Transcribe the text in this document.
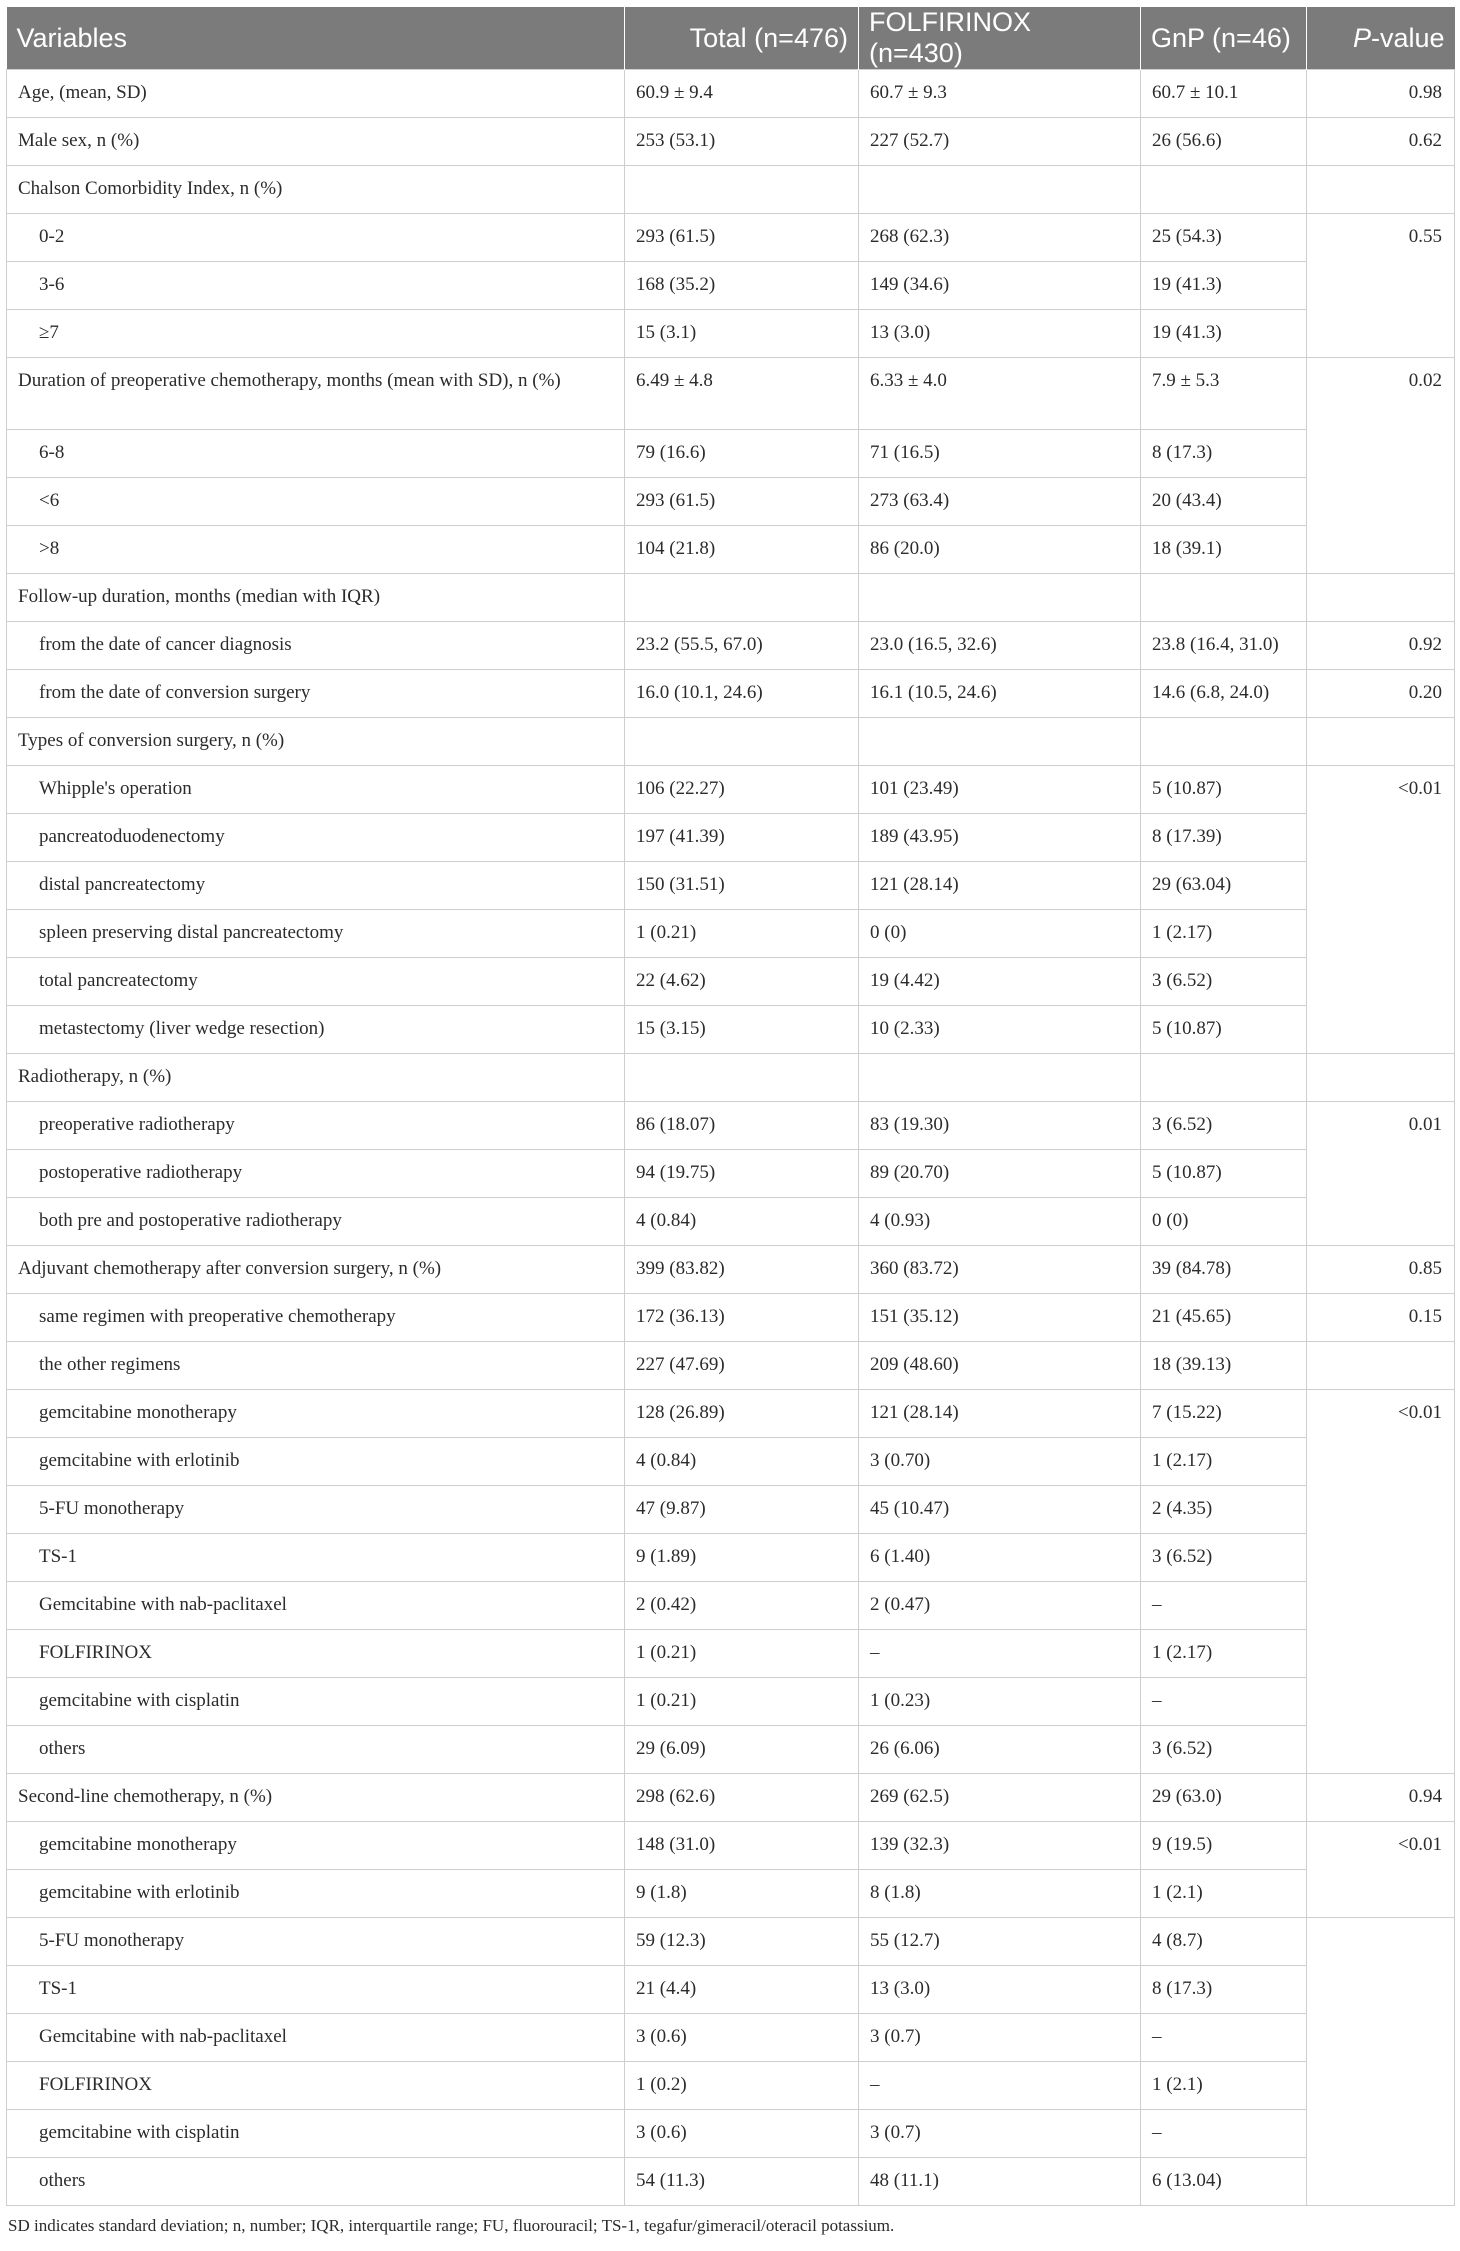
Variables	Total (n=476)	FOLFIRINOX (n=430)	GnP (n=46)	P-value
Age, (mean, SD)	60.9 ± 9.4	60.7 ± 9.3	60.7 ± 10.1	0.98
Male sex, n (%)	253 (53.1)	227 (52.7)	26 (56.6)	0.62
Chalson Comorbidity Index, n (%)				
0-2	293 (61.5)	268 (62.3)	25 (54.3)	0.55
3-6	168 (35.2)	149 (34.6)	19 (41.3)	
≥7	15 (3.1)	13 (3.0)	19 (41.3)	
Duration of preoperative chemotherapy, months (mean with SD), n (%)	6.49 ± 4.8	6.33 ± 4.0	7.9 ± 5.3	0.02
6-8	79 (16.6)	71 (16.5)	8 (17.3)	
<6	293 (61.5)	273 (63.4)	20 (43.4)	
>8	104 (21.8)	86 (20.0)	18 (39.1)	
Follow-up duration, months (median with IQR)				
from the date of cancer diagnosis	23.2 (55.5, 67.0)	23.0 (16.5, 32.6)	23.8 (16.4, 31.0)	0.92
from the date of conversion surgery	16.0 (10.1, 24.6)	16.1 (10.5, 24.6)	14.6 (6.8, 24.0)	0.20
Types of conversion surgery, n (%)				
Whipple's operation	106 (22.27)	101 (23.49)	5 (10.87)	<0.01
pancreatoduodenectomy	197 (41.39)	189 (43.95)	8 (17.39)	
distal pancreatectomy	150 (31.51)	121 (28.14)	29 (63.04)	
spleen preserving distal pancreatectomy	1 (0.21)	0 (0)	1 (2.17)	
total pancreatectomy	22 (4.62)	19 (4.42)	3 (6.52)	
metastectomy (liver wedge resection)	15 (3.15)	10 (2.33)	5 (10.87)	
Radiotherapy, n (%)				
preoperative radiotherapy	86 (18.07)	83 (19.30)	3 (6.52)	0.01
postoperative radiotherapy	94 (19.75)	89 (20.70)	5 (10.87)	
both pre and postoperative radiotherapy	4 (0.84)	4 (0.93)	0 (0)	
Adjuvant chemotherapy after conversion surgery, n (%)	399 (83.82)	360 (83.72)	39 (84.78)	0.85
same regimen with preoperative chemotherapy	172 (36.13)	151 (35.12)	21 (45.65)	0.15
the other regimens	227 (47.69)	209 (48.60)	18 (39.13)	
gemcitabine monotherapy	128 (26.89)	121 (28.14)	7 (15.22)	<0.01
gemcitabine with erlotinib	4 (0.84)	3 (0.70)	1 (2.17)	
5-FU monotherapy	47 (9.87)	45 (10.47)	2 (4.35)	
TS-1	9 (1.89)	6 (1.40)	3 (6.52)	
Gemcitabine with nab-paclitaxel	2 (0.42)	2 (0.47)	–	
FOLFIRINOX	1 (0.21)	–	1 (2.17)	
gemcitabine with cisplatin	1 (0.21)	1 (0.23)	–	
others	29 (6.09)	26 (6.06)	3 (6.52)	
Second-line chemotherapy, n (%)	298 (62.6)	269 (62.5)	29 (63.0)	0.94
gemcitabine monotherapy	148 (31.0)	139 (32.3)	9 (19.5)	<0.01
gemcitabine with erlotinib	9 (1.8)	8 (1.8)	1 (2.1)	
5-FU monotherapy	59 (12.3)	55 (12.7)	4 (8.7)	
TS-1	21 (4.4)	13 (3.0)	8 (17.3)	
Gemcitabine with nab-paclitaxel	3 (0.6)	3 (0.7)	–	
FOLFIRINOX	1 (0.2)	–	1 (2.1)	
gemcitabine with cisplatin	3 (0.6)	3 (0.7)	–	
others	54 (11.3)	48 (11.1)	6 (13.04)	
SD indicates standard deviation; n, number; IQR, interquartile range; FU, fluorouracil; TS-1, tegafur/gimeracil/oteracil potassium.
